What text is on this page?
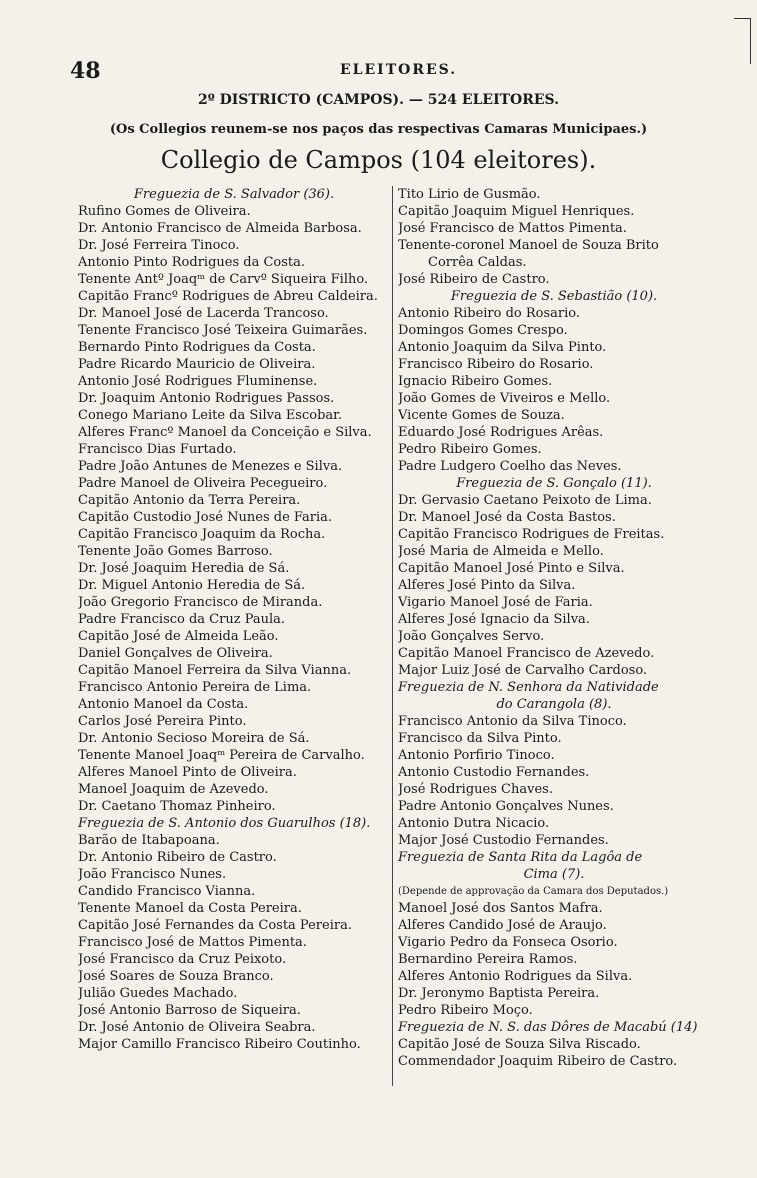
48	ELEITORES.
2º DISTRICTO (CAMPOS). — 524 ELEITORES.
(Os Collegios reunem-se nos paços das respectivas Camaras Municipaes.)
Collegio de Campos (104 eleitores).
Freguezia de S. Salvador (36).
Rufino Gomes de Oliveira.
Dr. Antonio Francisco de Almeida Barbosa.
Dr. José Ferreira Tinoco.
Antonio Pinto Rodrigues da Costa.
Tenente Antº Joaqᵐ de Carvº Siqueira Filho.
Capitão Francº Rodrigues de Abreu Caldeira.
Dr. Manoel José de Lacerda Trancoso.
Tenente Francisco José Teixeira Guimarães.
Bernardo Pinto Rodrigues da Costa.
Padre Ricardo Mauricio de Oliveira.
Antonio José Rodrigues Fluminense.
Dr. Joaquim Antonio Rodrigues Passos.
Conego Mariano Leite da Silva Escobar.
Alferes Francº Manoel da Conceição e Silva.
Francisco Dias Furtado.
Padre João Antunes de Menezes e Silva.
Padre Manoel de Oliveira Pecegueiro.
Capitão Antonio da Terra Pereira.
Capitão Custodio José Nunes de Faria.
Capitão Francisco Joaquim da Rocha.
Tenente João Gomes Barroso.
Dr. José Joaquim Heredia de Sá.
Dr. Miguel Antonio Heredia de Sá.
João Gregorio Francisco de Miranda.
Padre Francisco da Cruz Paula.
Capitão José de Almeida Leão.
Daniel Gonçalves de Oliveira.
Capitão Manoel Ferreira da Silva Vianna.
Francisco Antonio Pereira de Lima.
Antonio Manoel da Costa.
Carlos José Pereira Pinto.
Dr. Antonio Secioso Moreira de Sá.
Tenente Manoel Joaqᵐ Pereira de Carvalho.
Alferes Manoel Pinto de Oliveira.
Manoel Joaquim de Azevedo.
Dr. Caetano Thomaz Pinheiro.
Freguezia de S. Antonio dos Guarulhos (18).
Barão de Itabapoana.
Dr. Antonio Ribeiro de Castro.
João Francisco Nunes.
Candido Francisco Vianna.
Tenente Manoel da Costa Pereira.
Capitão José Fernandes da Costa Pereira.
Francisco José de Mattos Pimenta.
José Francisco da Cruz Peixoto.
José Soares de Souza Branco.
Julião Guedes Machado.
José Antonio Barroso de Siqueira.
Dr. José Antonio de Oliveira Seabra.
Major Camillo Francisco Ribeiro Coutinho.
Tito Lirio de Gusmão.
Capitão Joaquim Miguel Henriques.
José Francisco de Mattos Pimenta.
Tenente-coronel Manoel de Souza Brito
Corrêa Caldas.
José Ribeiro de Castro.
Freguezia de S. Sebastião (10).
Antonio Ribeiro do Rosario.
Domingos Gomes Crespo.
Antonio Joaquim da Silva Pinto.
Francisco Ribeiro do Rosario.
Ignacio Ribeiro Gomes.
João Gomes de Viveiros e Mello.
Vicente Gomes de Souza.
Eduardo José Rodrigues Arêas.
Pedro Ribeiro Gomes.
Padre Ludgero Coelho das Neves.
Freguezia de S. Gonçalo (11).
Dr. Gervasio Caetano Peixoto de Lima.
Dr. Manoel José da Costa Bastos.
Capitão Francisco Rodrigues de Freitas.
José Maria de Almeida e Mello.
Capitão Manoel José Pinto e Silva.
Alferes José Pinto da Silva.
Vigario Manoel José de Faria.
Alferes José Ignacio da Silva.
João Gonçalves Servo.
Capitão Manoel Francisco de Azevedo.
Major Luiz José de Carvalho Cardoso.
Freguezia de N. Senhora da Natividade
do Carangola (8).
Francisco Antonio da Silva Tinoco.
Francisco da Silva Pinto.
Antonio Porfirio Tinoco.
Antonio Custodio Fernandes.
José Rodrigues Chaves.
Padre Antonio Gonçalves Nunes.
Antonio Dutra Nicacio.
Major José Custodio Fernandes.
Freguezia de Santa Rita da Lagôa de
Cima (7).
(Depende de approvação da Camara dos Deputados.)
Manoel José dos Santos Mafra.
Alferes Candido José de Araujo.
Vigario Pedro da Fonseca Osorio.
Bernardino Pereira Ramos.
Alferes Antonio Rodrigues da Silva.
Dr. Jeronymo Baptista Pereira.
Pedro Ribeiro Moço.
Freguezia de N. S. das Dôres de Macabú (14)
Capitão José de Souza Silva Riscado.
Commendador Joaquim Ribeiro de Castro.
